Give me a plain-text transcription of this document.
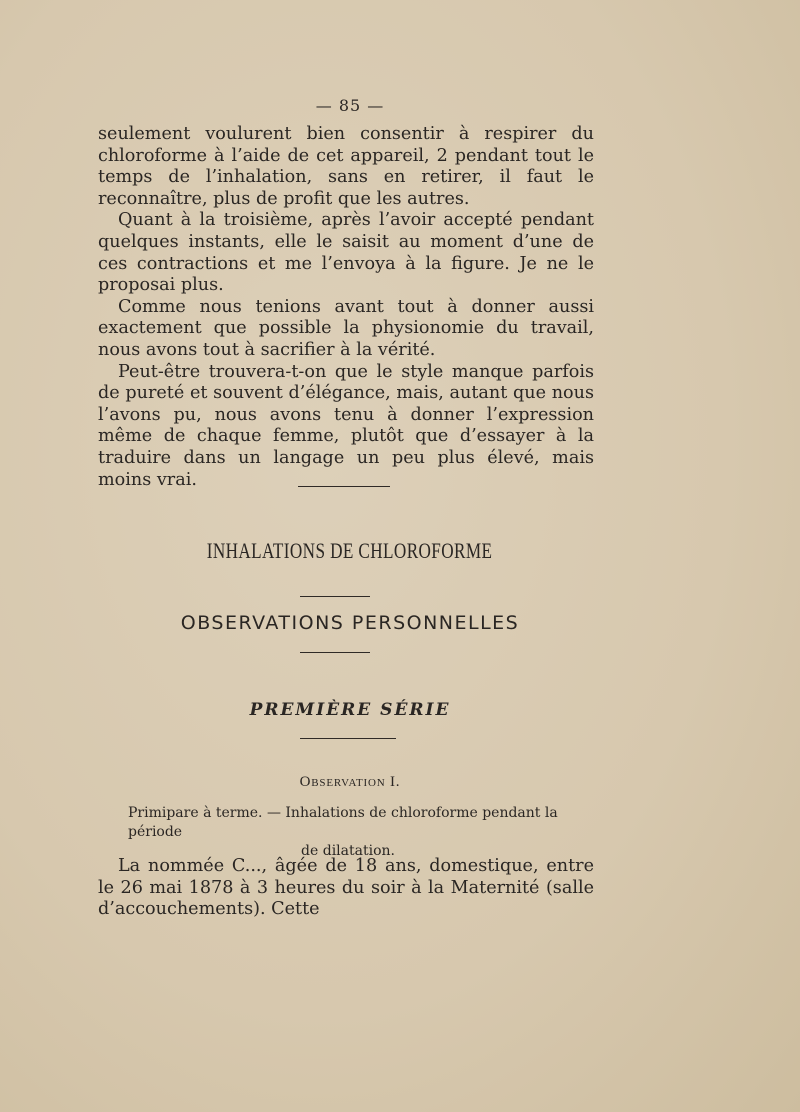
— 85 —

seulement voulurent bien consentir à respirer du chloroforme à l’aide de cet appareil, 2 pendant tout le temps de l’inhalation, sans en retirer, il faut le reconnaître, plus de profit que les autres.

Quant à la troisième, après l’avoir accepté pendant quelques instants, elle le saisit au moment d’une de ces contractions et me l’envoya à la figure. Je ne le proposai plus.

Comme nous tenions avant tout à donner aussi exactement que possible la physionomie du travail, nous avons tout à sacrifier à la vérité.

Peut-être trouvera-t-on que le style manque parfois de pureté et souvent d’élégance, mais, autant que nous l’avons pu, nous avons tenu à donner l’expression même de chaque femme, plutôt que d’essayer à la traduire dans un langage un peu plus élevé, mais moins vrai.

INHALATIONS DE CHLOROFORME
OBSERVATIONS PERSONNELLES
PREMIÈRE SÉRIE
Observation I.
Primipare à terme. — Inhalations de chloroforme pendant la période
de dilatation.

La nommée C..., âgée de 18 ans, domestique, entre le 26 mai 1878 à 3 heures du soir à la Maternité (salle d’accouchements). Cette
